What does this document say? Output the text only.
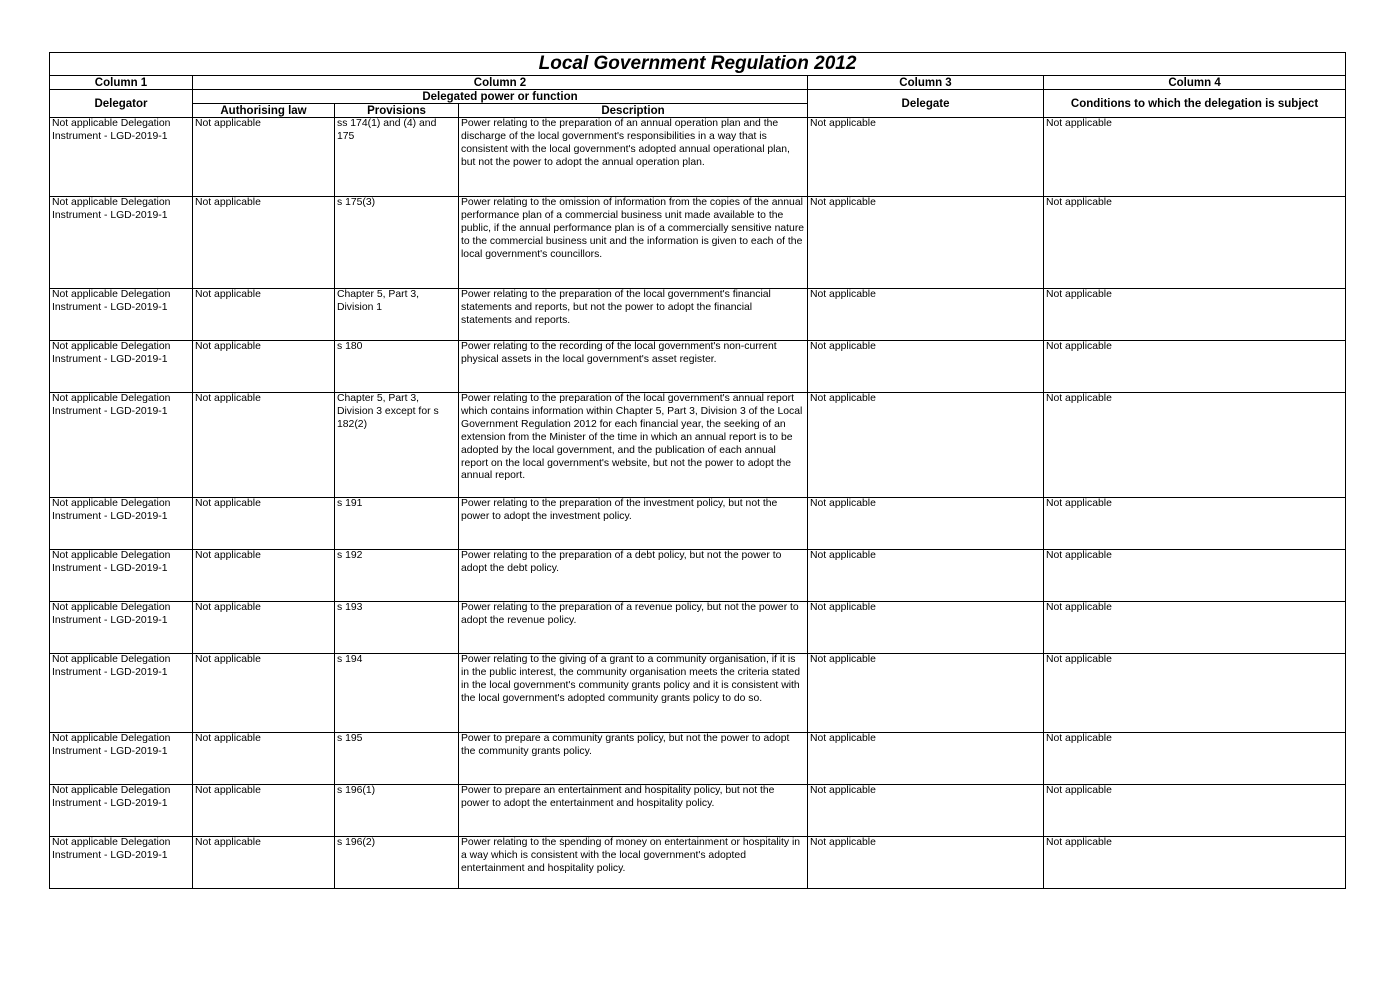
Local Government Regulation 2012					
Column 1	Column 2			Column 3	Column 4
Delegator	Delegated power or function			Delegate	Conditions to which the delegation is subject
	Authorising law	Provisions	Description		
Not applicable Delegation Instrument - LGD-2019-1	Not applicable	ss 174(1) and (4) and 175	Power relating to the preparation of an annual operation plan and the discharge of the local government's responsibilities in a way that is consistent with the local government's adopted annual operational plan, but not the power to adopt the annual operation plan.	Not applicable	Not applicable
Not applicable Delegation Instrument - LGD-2019-1	Not applicable	s 175(3)	Power relating to the omission of information from the copies of the annual performance plan of a commercial business unit made available to the public, if the annual performance plan is of a commercially sensitive nature to the commercial business unit and the information is given to each of the local government's councillors.	Not applicable	Not applicable
Not applicable Delegation Instrument - LGD-2019-1	Not applicable	Chapter 5, Part 3, Division 1	Power relating to the preparation of the local government's financial statements and reports, but not the power to adopt the financial statements and reports.	Not applicable	Not applicable
Not applicable Delegation Instrument - LGD-2019-1	Not applicable	s 180	Power relating to the recording of the local government's non-current physical assets in the local government's asset register.	Not applicable	Not applicable
Not applicable Delegation Instrument - LGD-2019-1	Not applicable	Chapter 5, Part 3, Division 3 except for s 182(2)	Power relating to the preparation of the local government's annual report which contains information within Chapter 5, Part 3, Division 3 of the Local Government Regulation 2012 for each financial year, the seeking of an extension from the Minister of the time in which an annual report is to be adopted by the local government, and the publication of each annual report on the local government's website, but not the power to adopt the annual report.	Not applicable	Not applicable
Not applicable Delegation Instrument - LGD-2019-1	Not applicable	s 191	Power relating to the preparation of the investment policy, but not the power to adopt the investment policy.	Not applicable	Not applicable
Not applicable Delegation Instrument - LGD-2019-1	Not applicable	s 192	Power relating to the preparation of a debt policy, but not the power to adopt the debt policy.	Not applicable	Not applicable
Not applicable Delegation Instrument - LGD-2019-1	Not applicable	s 193	Power relating to the preparation of a revenue policy, but not the power to adopt the revenue policy.	Not applicable	Not applicable
Not applicable Delegation Instrument - LGD-2019-1	Not applicable	s 194	Power relating to the giving of a grant to a community organisation, if it is in the public interest, the community organisation meets the criteria stated in the local government's community grants policy and it is consistent with the local government's adopted community grants policy to do so.	Not applicable	Not applicable
Not applicable Delegation Instrument - LGD-2019-1	Not applicable	s 195	Power to prepare a community grants policy, but not the power to adopt the community grants policy.	Not applicable	Not applicable
Not applicable Delegation Instrument - LGD-2019-1	Not applicable	s 196(1)	Power to prepare an entertainment and hospitality policy, but not the power to adopt the entertainment and hospitality policy.	Not applicable	Not applicable
Not applicable Delegation Instrument - LGD-2019-1	Not applicable	s 196(2)	Power relating to the spending of money on entertainment or hospitality in a way which is consistent with the local government's adopted entertainment and hospitality policy.	Not applicable	Not applicable
